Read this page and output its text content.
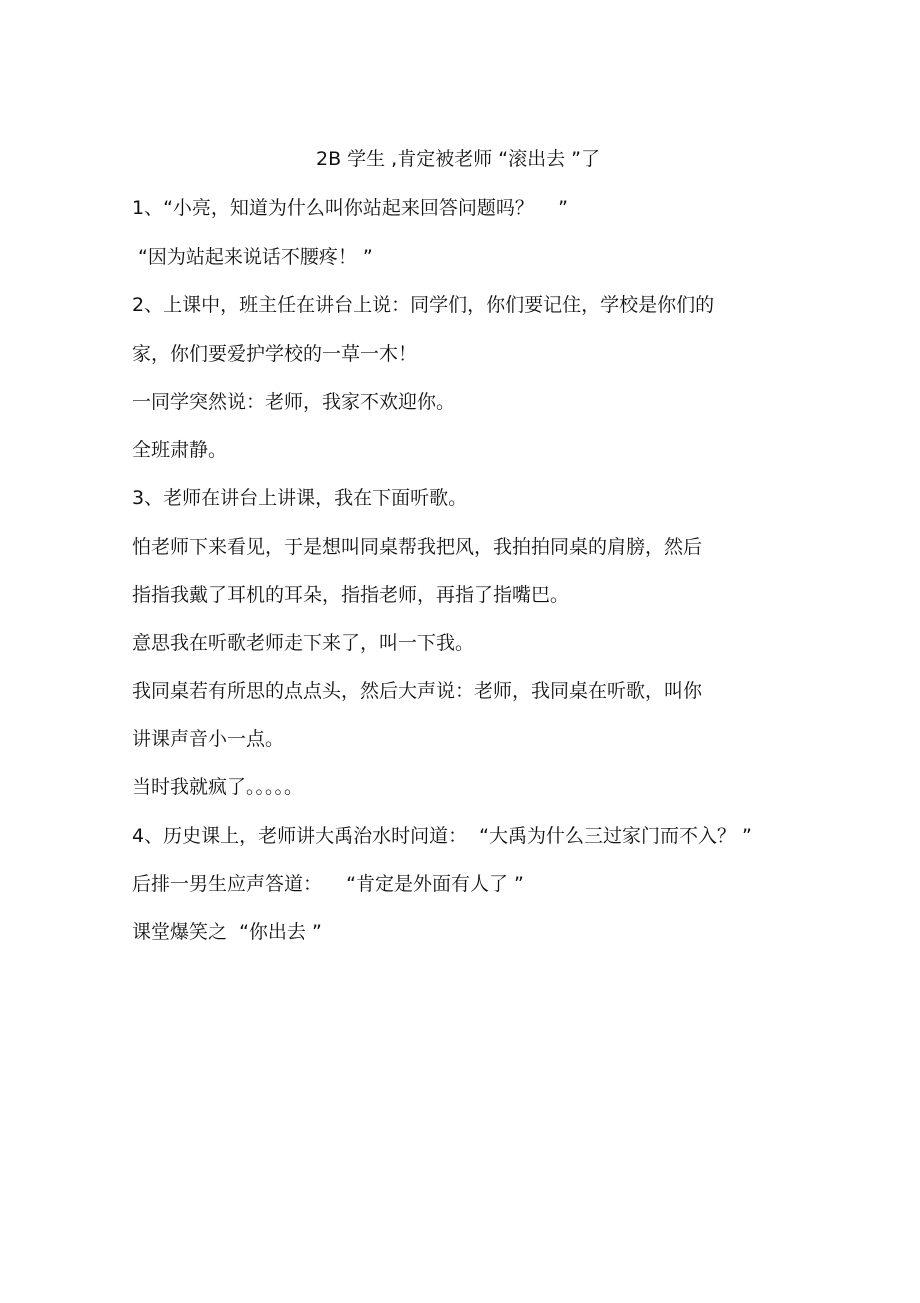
2B 学生 ,肯定被老师 “滚出去 ”了
1、“小亮，知道为什么叫你站起来回答问题吗？    ”
“因为站起来说话不腰疼！ ”
2、上课中，班主任在讲台上说：同学们，你们要记住，学校是你们的
家，你们要爱护学校的一草一木！
一同学突然说：老师，我家不欢迎你。
全班肃静。
3、老师在讲台上讲课，我在下面听歌。
怕老师下来看见，于是想叫同桌帮我把风，我拍拍同桌的肩膀，然后
指指我戴了耳机的耳朵，指指老师，再指了指嘴巴。
意思我在听歌老师走下来了，叫一下我。
我同桌若有所思的点点头，然后大声说：老师，我同桌在听歌，叫你
讲课声音小一点。
当时我就疯了。。。。。
4、历史课上，老师讲大禹治水时问道：  “大禹为什么三过家门而不入？ ”
后排一男生应声答道：    “肯定是外面有人了 ”
课堂爆笑之  “你出去 ”
